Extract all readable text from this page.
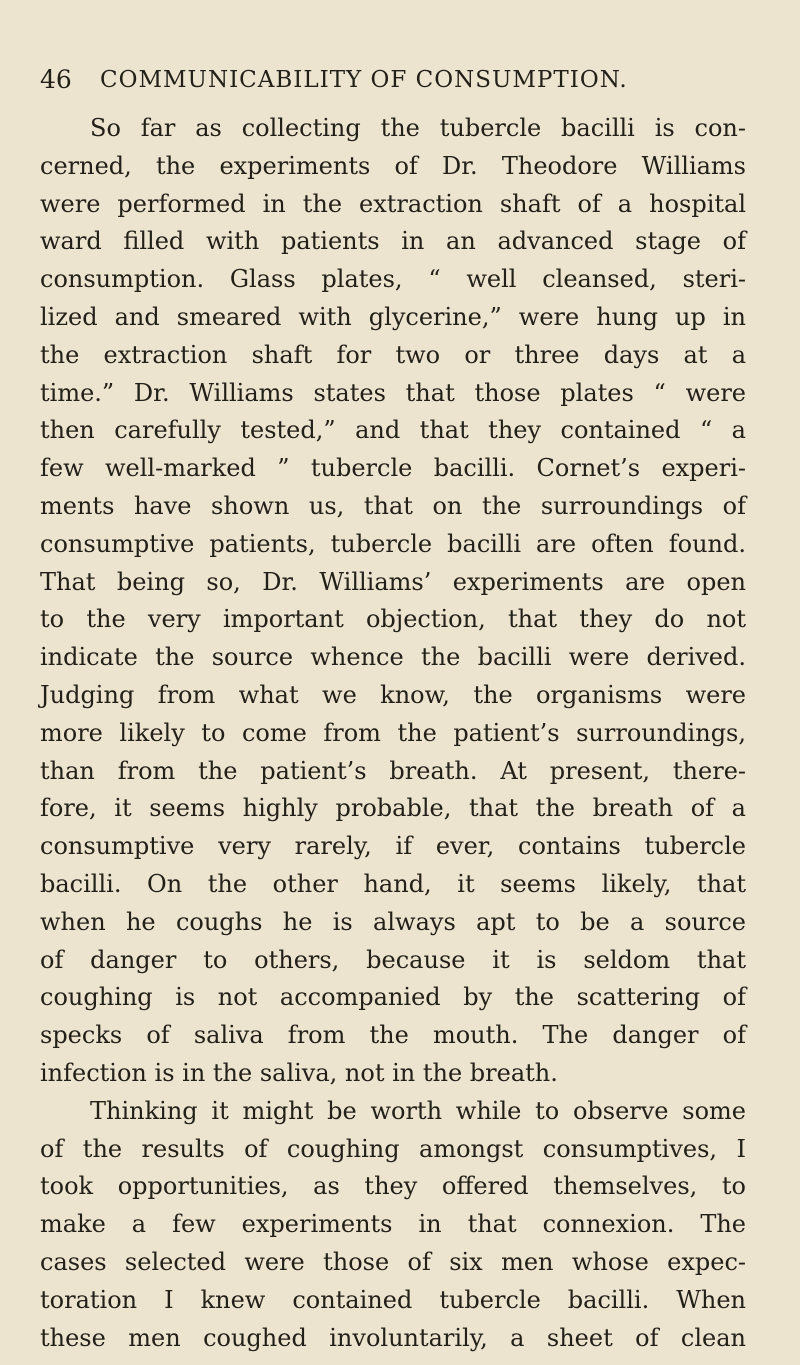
46 COMMUNICABILITY OF CONSUMPTION.
So far as collecting the tubercle bacilli is con-
cerned, the experiments of Dr. Theodore Williams
were performed in the extraction shaft of a hospital
ward filled with patients in an advanced stage of
consumption. Glass plates, “ well cleansed, steri-
lized and smeared with glycerine,” were hung up in
the extraction shaft for two or three days at a
time.” Dr. Williams states that those plates “ were
then carefully tested,” and that they contained “ a
few well-marked ” tubercle bacilli. Cornet’s experi-
ments have shown us, that on the surroundings of
consumptive patients, tubercle bacilli are often found.
That being so, Dr. Williams’ experiments are open
to the very important objection, that they do not
indicate the source whence the bacilli were derived.
Judging from what we know, the organisms were
more likely to come from the patient’s surroundings,
than from the patient’s breath. At present, there-
fore, it seems highly probable, that the breath of a
consumptive very rarely, if ever, contains tubercle
bacilli. On the other hand, it seems likely, that
when he coughs he is always apt to be a source
of danger to others, because it is seldom that
coughing is not accompanied by the scattering of
specks of saliva from the mouth. The danger of
infection is in the saliva, not in the breath.
Thinking it might be worth while to observe some
of the results of coughing amongst consumptives, I
took opportunities, as they offered themselves, to
make a few experiments in that connexion. The
cases selected were those of six men whose expec-
toration I knew contained tubercle bacilli. When
these men coughed involuntarily, a sheet of clean
